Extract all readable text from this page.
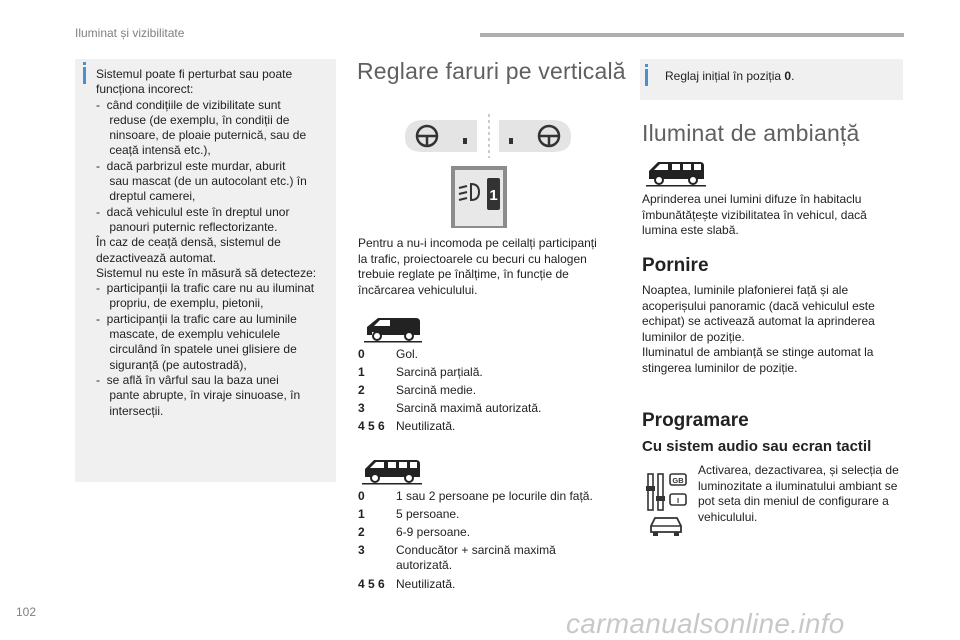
Iluminat și vizibilitate
Sistemul poate fi perturbat sau poate
funcționa incorect:
-  când condițiile de vizibilitate sunt
reduse (de exemplu, în condiții de
ninsoare, de ploaie puternică, sau de
ceață intensă etc.),
-  dacă parbrizul este murdar, aburit
sau mascat (de un autocolant etc.) în
dreptul camerei,
-  dacă vehiculul este în dreptul unor
panouri puternic reflectorizante.
În caz de ceață densă, sistemul de
dezactivează automat.
Sistemul nu este în măsură să detecteze:
-  participanții la trafic care nu au iluminat
propriu, de exemplu, pietonii,
-  participanții la trafic care au luminile
mascate, de exemplu vehiculele
circulând în spatele unei glisiere de
siguranță (pe autostradă),
-  se află în vârful sau la baza unei
pante abrupte, în viraje sinuoase, în
intersecții.
Reglare faruri pe verticală
1
Pentru a nu-i incomoda pe ceilalți participanți la trafic, proiectoarele cu becuri cu halogen trebuie reglate pe înălțime, în funcție de încărcarea vehiculului.
0	Gol.
1	Sarcină parțială.
2	Sarcină medie.
3	Sarcină maximă autorizată.
4 5 6 Neutilizată.
0	1 sau 2 persoane pe locurile din față.
1	5 persoane.
2	6-9 persoane.
3	Conducător + sarcină maximă autorizată.
4 5 6 Neutilizată.
Reglaj inițial în poziția 0.
Iluminat de ambianță
Aprinderea unei lumini difuze în habitaclu îmbunătățește vizibilitatea în vehicul, dacă lumina este slabă.
Pornire
Noaptea, luminile plafonierei față și ale acoperișului panoramic (dacă vehiculul este echipat) se activează automat la aprinderea luminilor de poziție.
Iluminatul de ambianță se stinge automat la stingerea luminilor de poziție.
Programare
Cu sistem audio sau ecran tactil
GB
I
Activarea, dezactivarea, și selecția de luminozitate a iluminatului ambiant se pot seta din meniul de configurare a vehiculului.
102	carmanualsonline.info
